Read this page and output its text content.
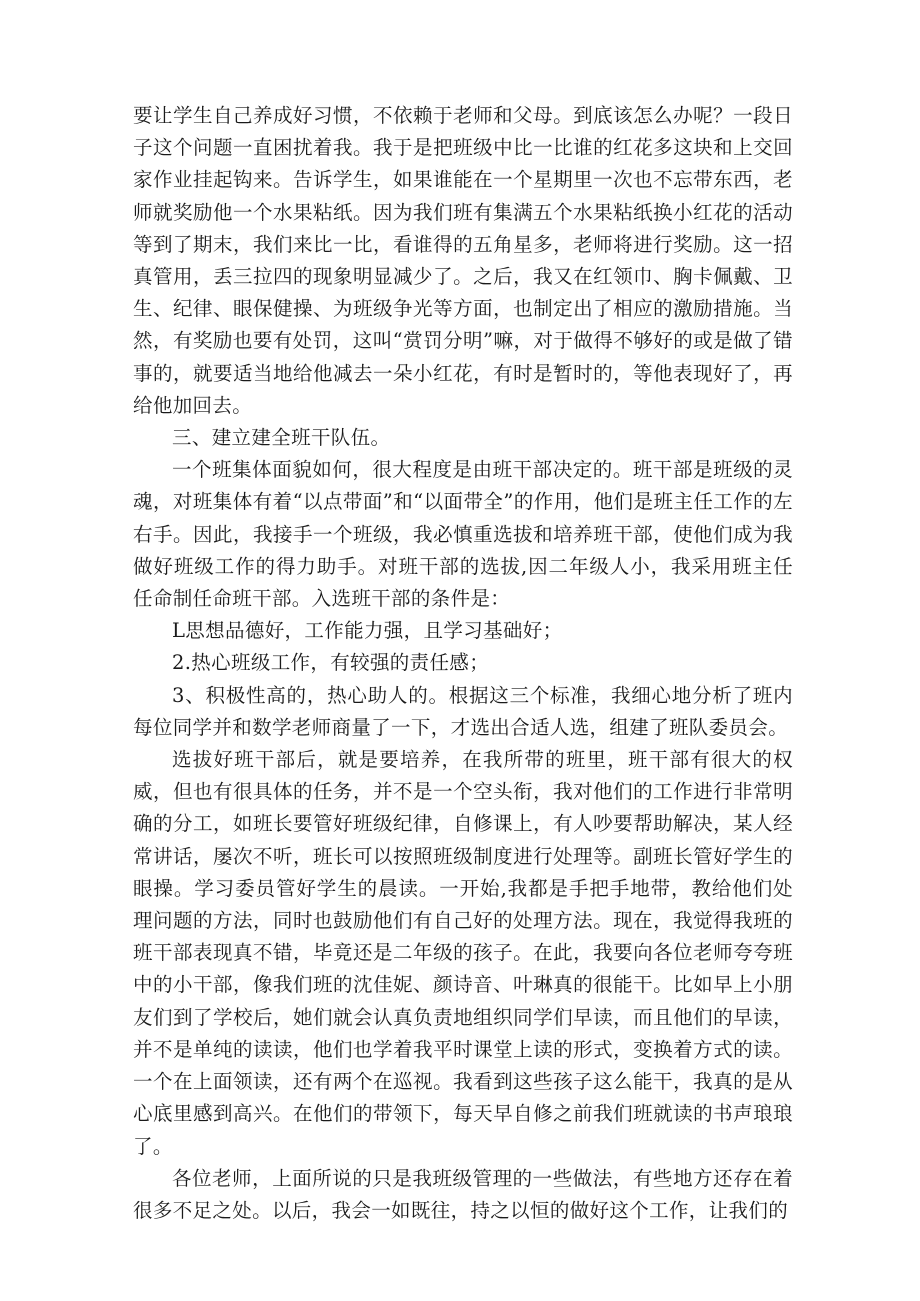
要让学生自己养成好习惯，不依赖于老师和父母。到底该怎么办呢？一段日子这个问题一直困扰着我。我于是把班级中比一比谁的红花多这块和上交回家作业挂起钩来。告诉学生，如果谁能在一个星期里一次也不忘带东西，老师就奖励他一个水果粘纸。因为我们班有集满五个水果粘纸换小红花的活动等到了期末，我们来比一比，看谁得的五角星多，老师将进行奖励。这一招真管用，丢三拉四的现象明显减少了。之后，我又在红领巾、胸卡佩戴、卫生、纪律、眼保健操、为班级争光等方面，也制定出了相应的激励措施。当然，有奖励也要有处罚，这叫“赏罚分明”嘛，对于做得不够好的或是做了错事的，就要适当地给他减去一朵小红花，有时是暂时的，等他表现好了，再给他加回去。

三、建立建全班干队伍。

一个班集体面貌如何，很大程度是由班干部决定的。班干部是班级的灵魂，对班集体有着“以点带面”和“以面带全”的作用，他们是班主任工作的左右手。因此，我接手一个班级，我必慎重选拔和培养班干部，使他们成为我做好班级工作的得力助手。对班干部的选拔,因二年级人小，我采用班主任任命制任命班干部。入选班干部的条件是：

L思想品德好，工作能力强，且学习基础好；

2.热心班级工作，有较强的责任感；

3、积极性高的，热心助人的。根据这三个标准，我细心地分析了班内每位同学并和数学老师商量了一下，才选出合适人选，组建了班队委员会。

选拔好班干部后，就是要培养，在我所带的班里，班干部有很大的权威，但也有很具体的任务，并不是一个空头衔，我对他们的工作进行非常明确的分工，如班长要管好班级纪律，自修课上，有人吵要帮助解决，某人经常讲话，屡次不听，班长可以按照班级制度进行处理等。副班长管好学生的眼操。学习委员管好学生的晨读。一开始,我都是手把手地带，教给他们处理问题的方法，同时也鼓励他们有自己好的处理方法。现在，我觉得我班的班干部表现真不错，毕竟还是二年级的孩子。在此，我要向各位老师夸夸班中的小干部，像我们班的沈佳妮、颜诗音、叶琳真的很能干。比如早上小朋友们到了学校后，她们就会认真负责地组织同学们早读，而且他们的早读，并不是单纯的读读，他们也学着我平时课堂上读的形式，变换着方式的读。一个在上面领读，还有两个在巡视。我看到这些孩子这么能干，我真的是从心底里感到高兴。在他们的带领下，每天早自修之前我们班就读的书声琅琅了。

各位老师，上面所说的只是我班级管理的一些做法，有些地方还存在着很多不足之处。以后，我会一如既往，持之以恒的做好这个工作，让我们的
